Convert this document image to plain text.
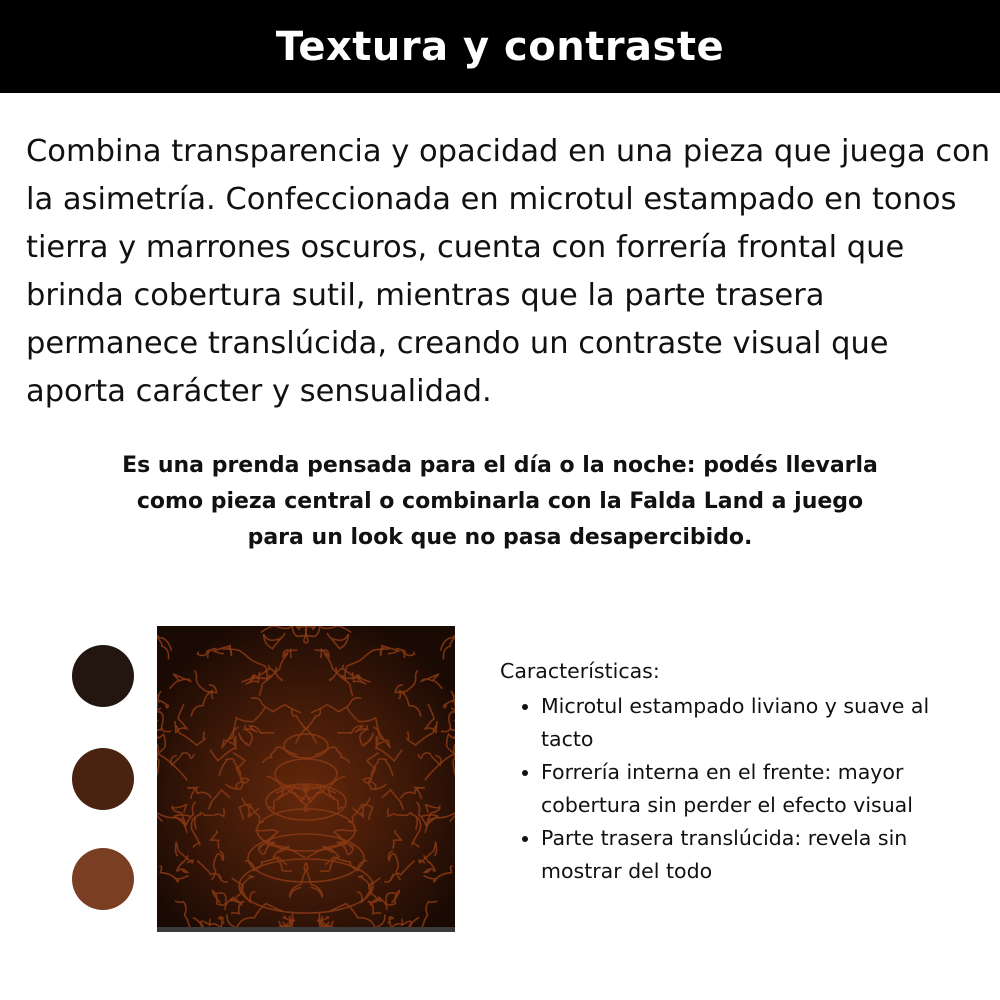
Textura y contraste

Combina transparencia y opacidad en una pieza que juega con la asimetría. Confeccionada en microtul estampado en tonos tierra y marrones oscuros, cuenta con forrería frontal que brinda cobertura sutil, mientras que la parte trasera permanece translúcida, creando un contraste visual que aporta carácter y sensualidad.

Es una prenda pensada para el día o la noche: podés llevarla como pieza central o combinarla con la Falda Land a juego para un look que no pasa desapercibido.

Características:

• Microtul estampado liviano y suave al tacto
• Forrería interna en el frente: mayor cobertura sin perder el efecto visual
• Parte trasera translúcida: revela sin mostrar del todo
